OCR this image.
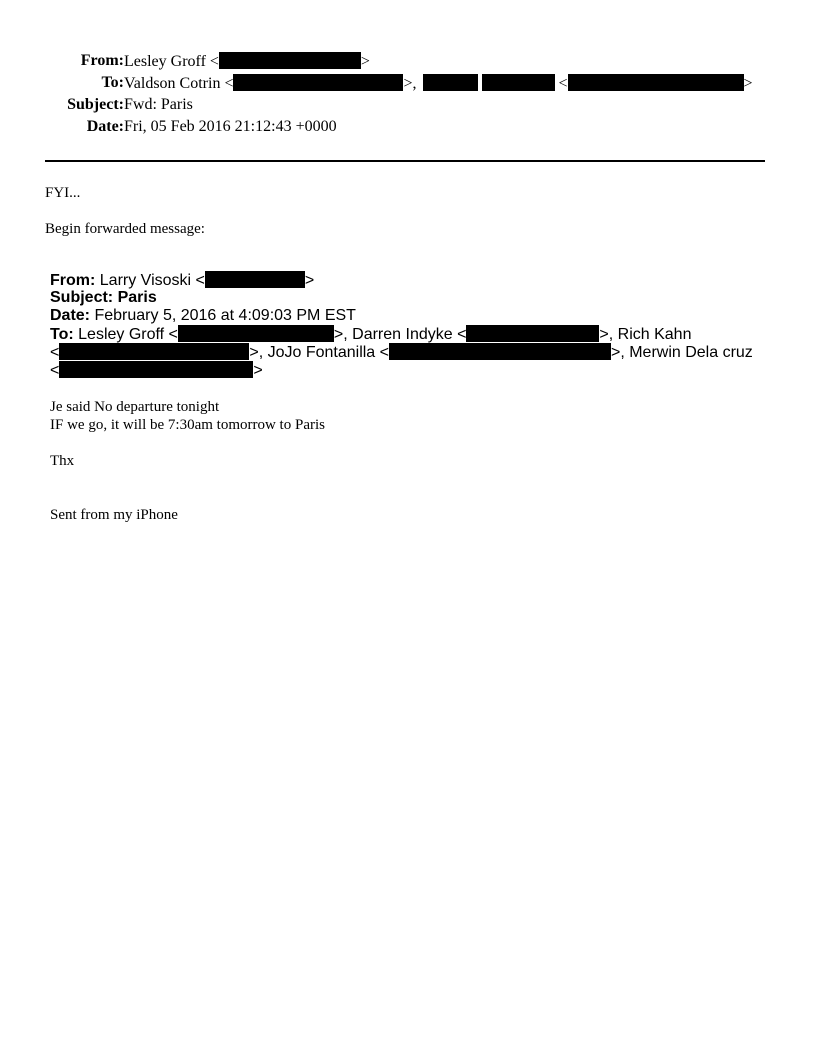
From: Lesley Groff <	>
To: Valdson Cotrin <	>,	<	>
Subject: Fwd: Paris
Date: Fri, 05 Feb 2016 21:12:43 +0000
FYI...
Begin forwarded message:
From: Larry Visoski <	>
Subject: Paris
Date: February 5, 2016 at 4:09:03 PM EST
To: Lesley Groff <	>, Darren Indyke <	>, Rich Kahn
<	>, JoJo Fontanilla <	>, Merwin Dela cruz
<	>
Je said No departure tonight
IF we go, it will be 7:30am tomorrow to Paris
Thx
Sent from my iPhone
